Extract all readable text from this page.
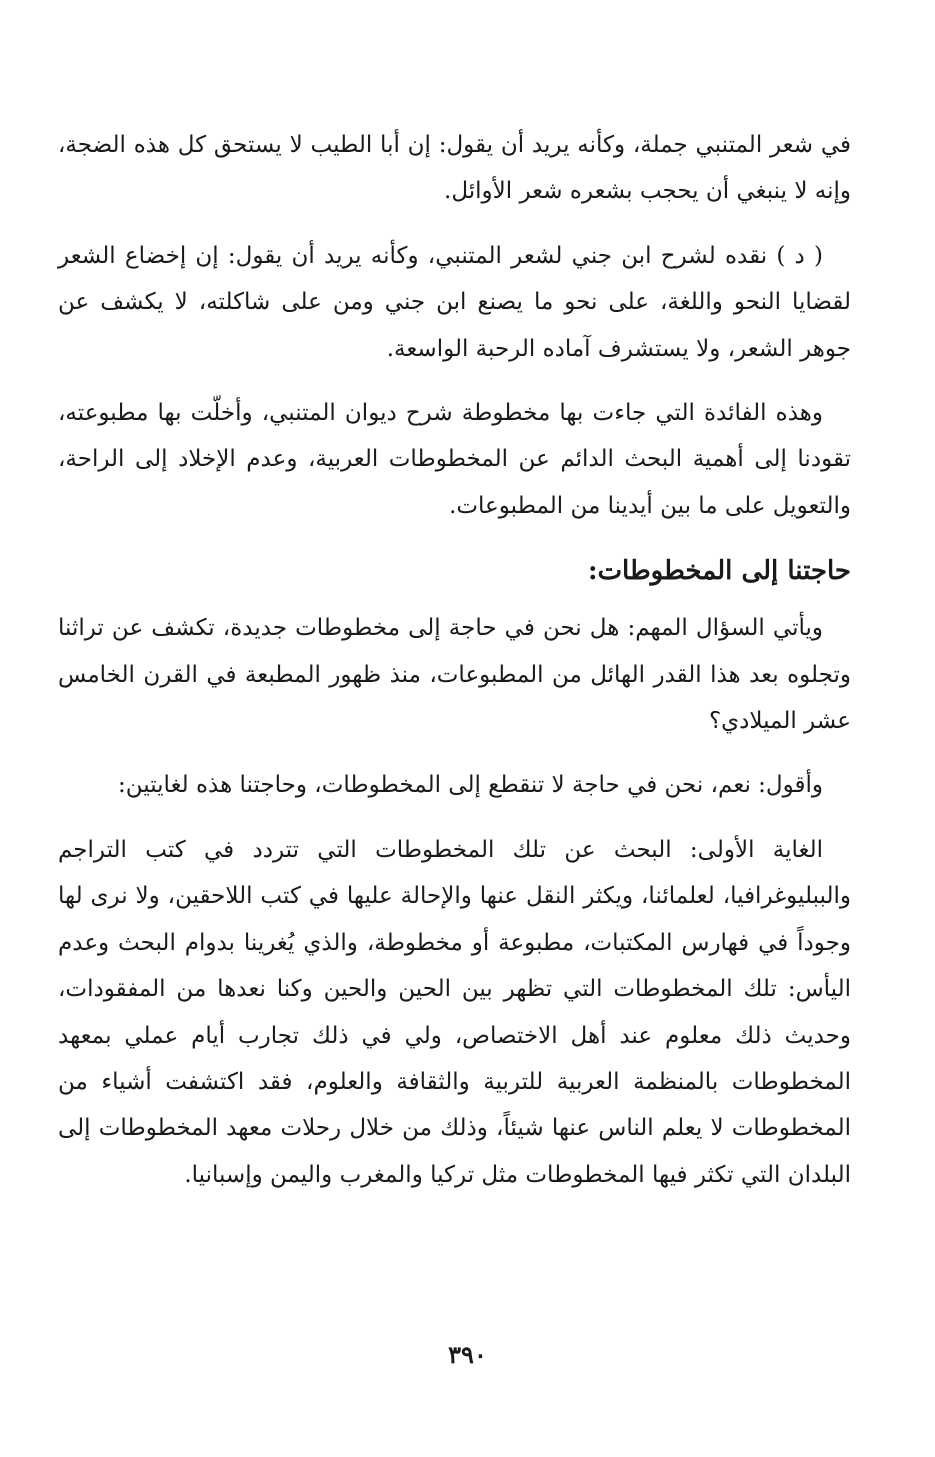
في شعر المتنبي جملة، وكأنه يريد أن يقول: إن أبا الطيب لا يستحق كل هذه الضجة، وإنه لا ينبغي أن يحجب بشعره شعر الأوائل.

( د ) نقده لشرح ابن جني لشعر المتنبي، وكأنه يريد أن يقول: إن إخضاع الشعر لقضايا النحو واللغة، على نحو ما يصنع ابن جني ومن على شاكلته، لا يكشف عن جوهر الشعر، ولا يستشرف آماده الرحبة الواسعة.

وهذه الفائدة التي جاءت بها مخطوطة شرح ديوان المتنبي، وأخلّت بها مطبوعته، تقودنا إلى أهمية البحث الدائم عن المخطوطات العربية، وعدم الإخلاد إلى الراحة، والتعويل على ما بين أيدينا من المطبوعات.

حاجتنا إلى المخطوطات:

ويأتي السؤال المهم: هل نحن في حاجة إلى مخطوطات جديدة، تكشف عن تراثنا وتجلوه بعد هذا القدر الهائل من المطبوعات، منذ ظهور المطبعة في القرن الخامس عشر الميلادي؟

وأقول: نعم، نحن في حاجة لا تنقطع إلى المخطوطات، وحاجتنا هذه لغايتين:

الغاية الأولى: البحث عن تلك المخطوطات التي تتردد في كتب التراجم والببليوغرافيا، لعلمائنا، ويكثر النقل عنها والإحالة عليها في كتب اللاحقين، ولا نرى لها وجوداً في فهارس المكتبات، مطبوعة أو مخطوطة، والذي يُغرينا بدوام البحث وعدم اليأس: تلك المخطوطات التي تظهر بين الحين والحين وكنا نعدها من المفقودات، وحديث ذلك معلوم عند أهل الاختصاص، ولي في ذلك تجارب أيام عملي بمعهد المخطوطات بالمنظمة العربية للتربية والثقافة والعلوم، فقد اكتشفت أشياء من المخطوطات لا يعلم الناس عنها شيئاً، وذلك من خلال رحلات معهد المخطوطات إلى البلدان التي تكثر فيها المخطوطات مثل تركيا والمغرب واليمن وإسبانيا.

٣٩٠
